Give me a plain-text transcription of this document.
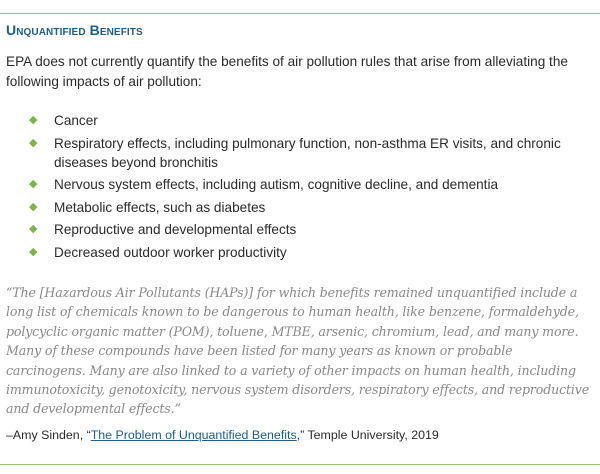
Unquantified Benefits

EPA does not currently quantify the benefits of air pollution rules that arise from alleviating the following impacts of air pollution:

◆ Cancer
◆ Respiratory effects, including pulmonary function, non-asthma ER visits, and chronic diseases beyond bronchitis
◆ Nervous system effects, including autism, cognitive decline, and dementia
◆ Metabolic effects, such as diabetes
◆ Reproductive and developmental effects
◆ Decreased outdoor worker productivity

“The [Hazardous Air Pollutants (HAPs)] for which benefits remained unquantified include a long list of chemicals known to be dangerous to human health, like benzene, formaldehyde, polycyclic organic matter (POM), toluene, MTBE, arsenic, chromium, lead, and many more. Many of these compounds have been listed for many years as known or probable carcinogens. Many are also linked to a variety of other impacts on human health, including immunotoxicity, genotoxicity, nervous system disorders, respiratory effects, and reproductive and developmental effects.”

–Amy Sinden, “The Problem of Unquantified Benefits,” Temple University, 2019
